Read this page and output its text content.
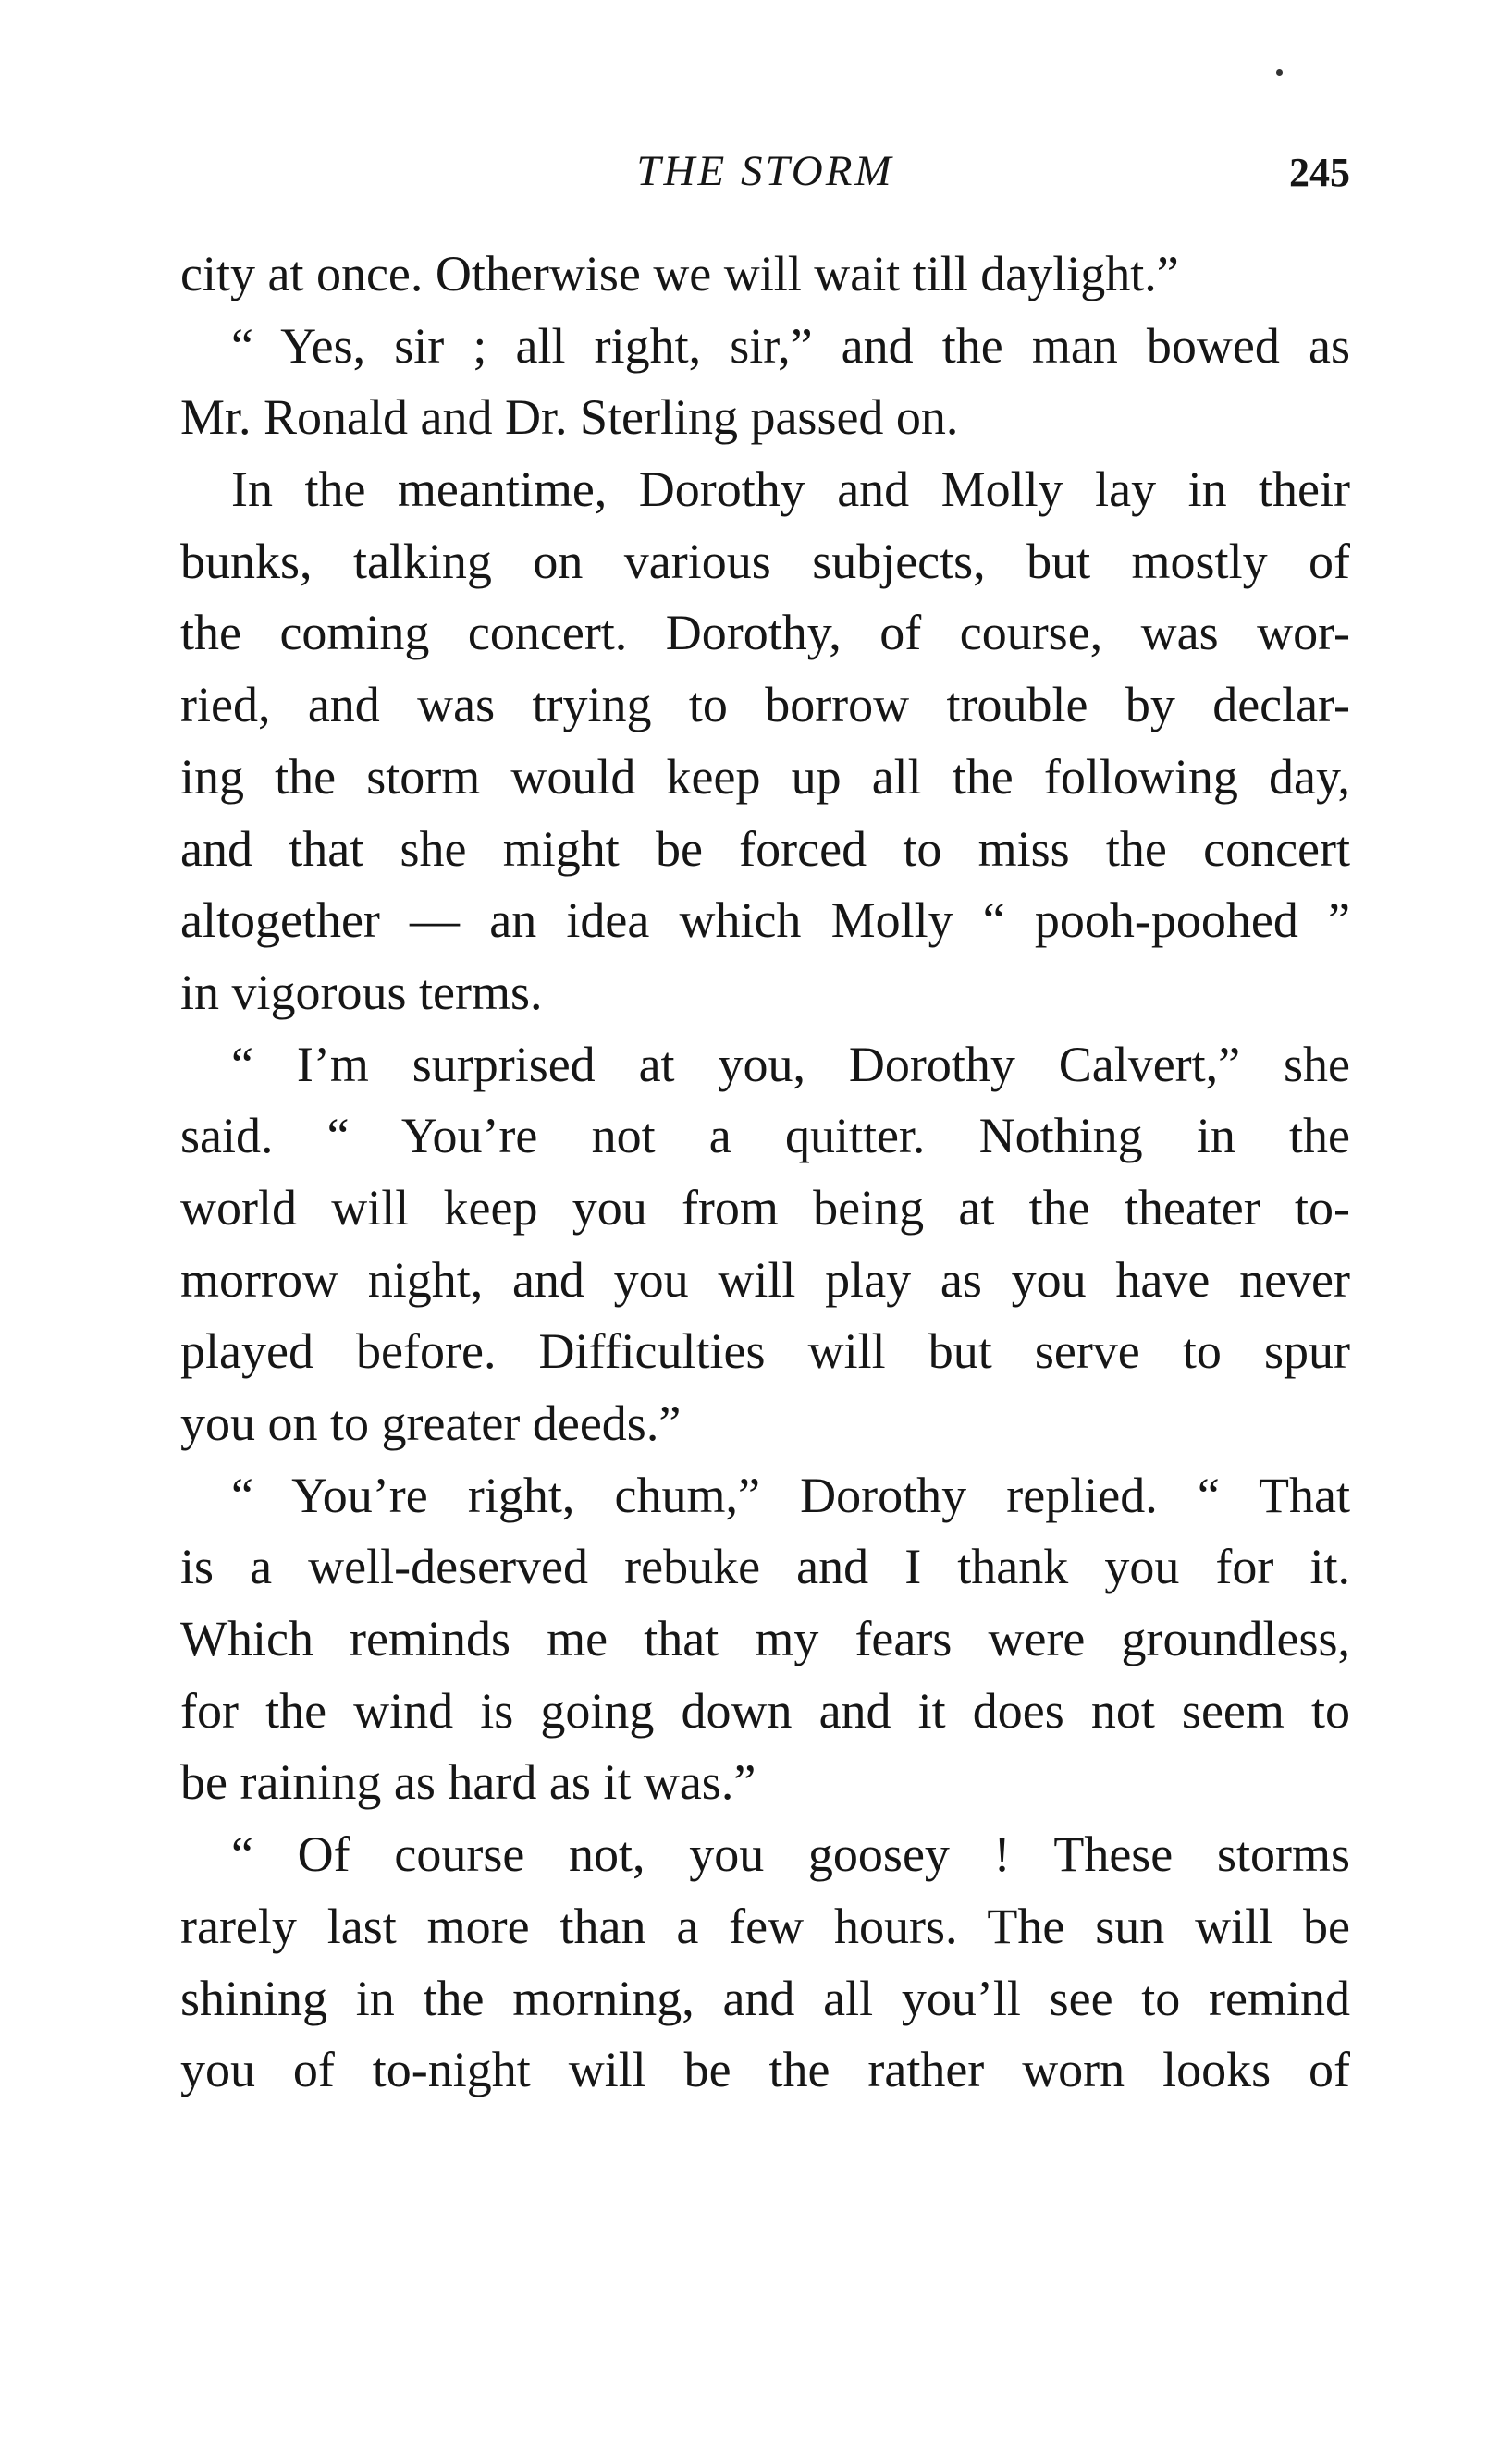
THE STORM	245
city at once. Otherwise we will wait till daylight.”
“ Yes, sir ; all right, sir,” and the man bowed as
Mr. Ronald and Dr. Sterling passed on.
In the meantime, Dorothy and Molly lay in their
bunks, talking on various subjects, but mostly of
the coming concert. Dorothy, of course, was wor-
ried, and was trying to borrow trouble by declar-
ing the storm would keep up all the following day,
and that she might be forced to miss the concert
altogether — an idea which Molly “ pooh-poohed ”
in vigorous terms.
“ I’m surprised at you, Dorothy Calvert,” she
said. “ You’re not a quitter. Nothing in the
world will keep you from being at the theater to-
morrow night, and you will play as you have never
played before. Difficulties will but serve to spur
you on to greater deeds.”
“ You’re right, chum,” Dorothy replied. “ That
is a well-deserved rebuke and I thank you for it.
Which reminds me that my fears were groundless,
for the wind is going down and it does not seem to
be raining as hard as it was.”
“ Of course not, you goosey ! These storms
rarely last more than a few hours. The sun will be
shining in the morning, and all you’ll see to remind
you of to-night will be the rather worn looks of
